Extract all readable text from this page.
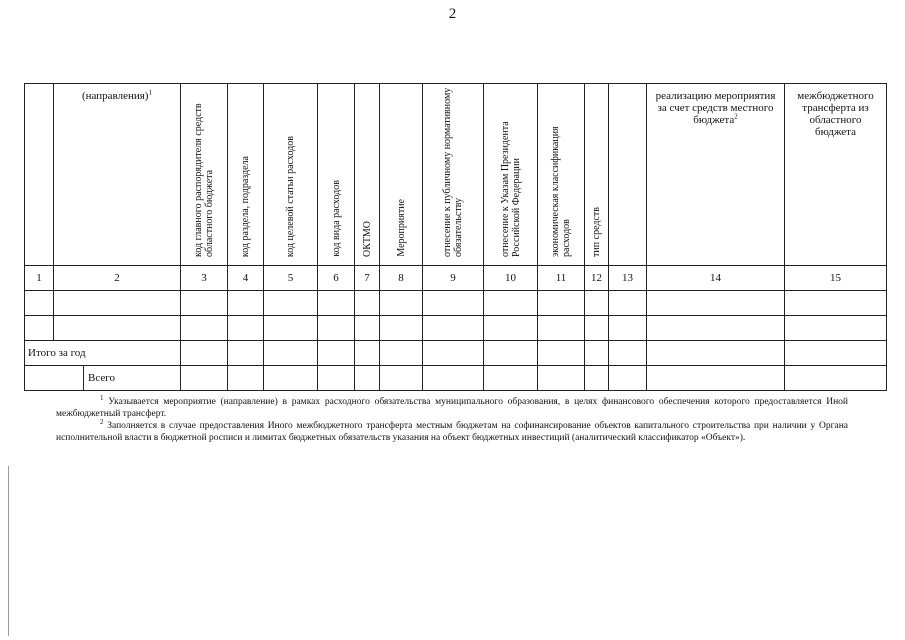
2
	(направления)$^1$	код главного распорядителя средств областного бюджета	код раздела, подраздела	код целевой статьи расходов	код вида расходов	ОКТМО	Мероприятие	отнесение к публичному нормативному обязательству	отнесение к Указам Президента Российской Федерации	экономическая классификация расходов	тип средств		реализацию мероприятия за счет средств местного бюджета$^2$	межбюджетного трансферта из областного бюджета
1	2	3	4	5	6	7	8	9	10	11	12	13	14	15

Итого за год														

Всего														

$^1$ Указывается мероприятие (направление) в рамках расходного обязательства муниципального образования, в целях финансового обеспечения которого предоставляется Иной межбюджетный трансферт.

$^2$ Заполняется в случае предоставления Иного межбюджетного трансферта местным бюджетам на софинансирование объектов капитального строительства при наличии у Органа исполнительной власти в бюджетной росписи и лимитах бюджетных обязательств указания на объект бюджетных инвестиций (аналитический классификатор «Объект»).
